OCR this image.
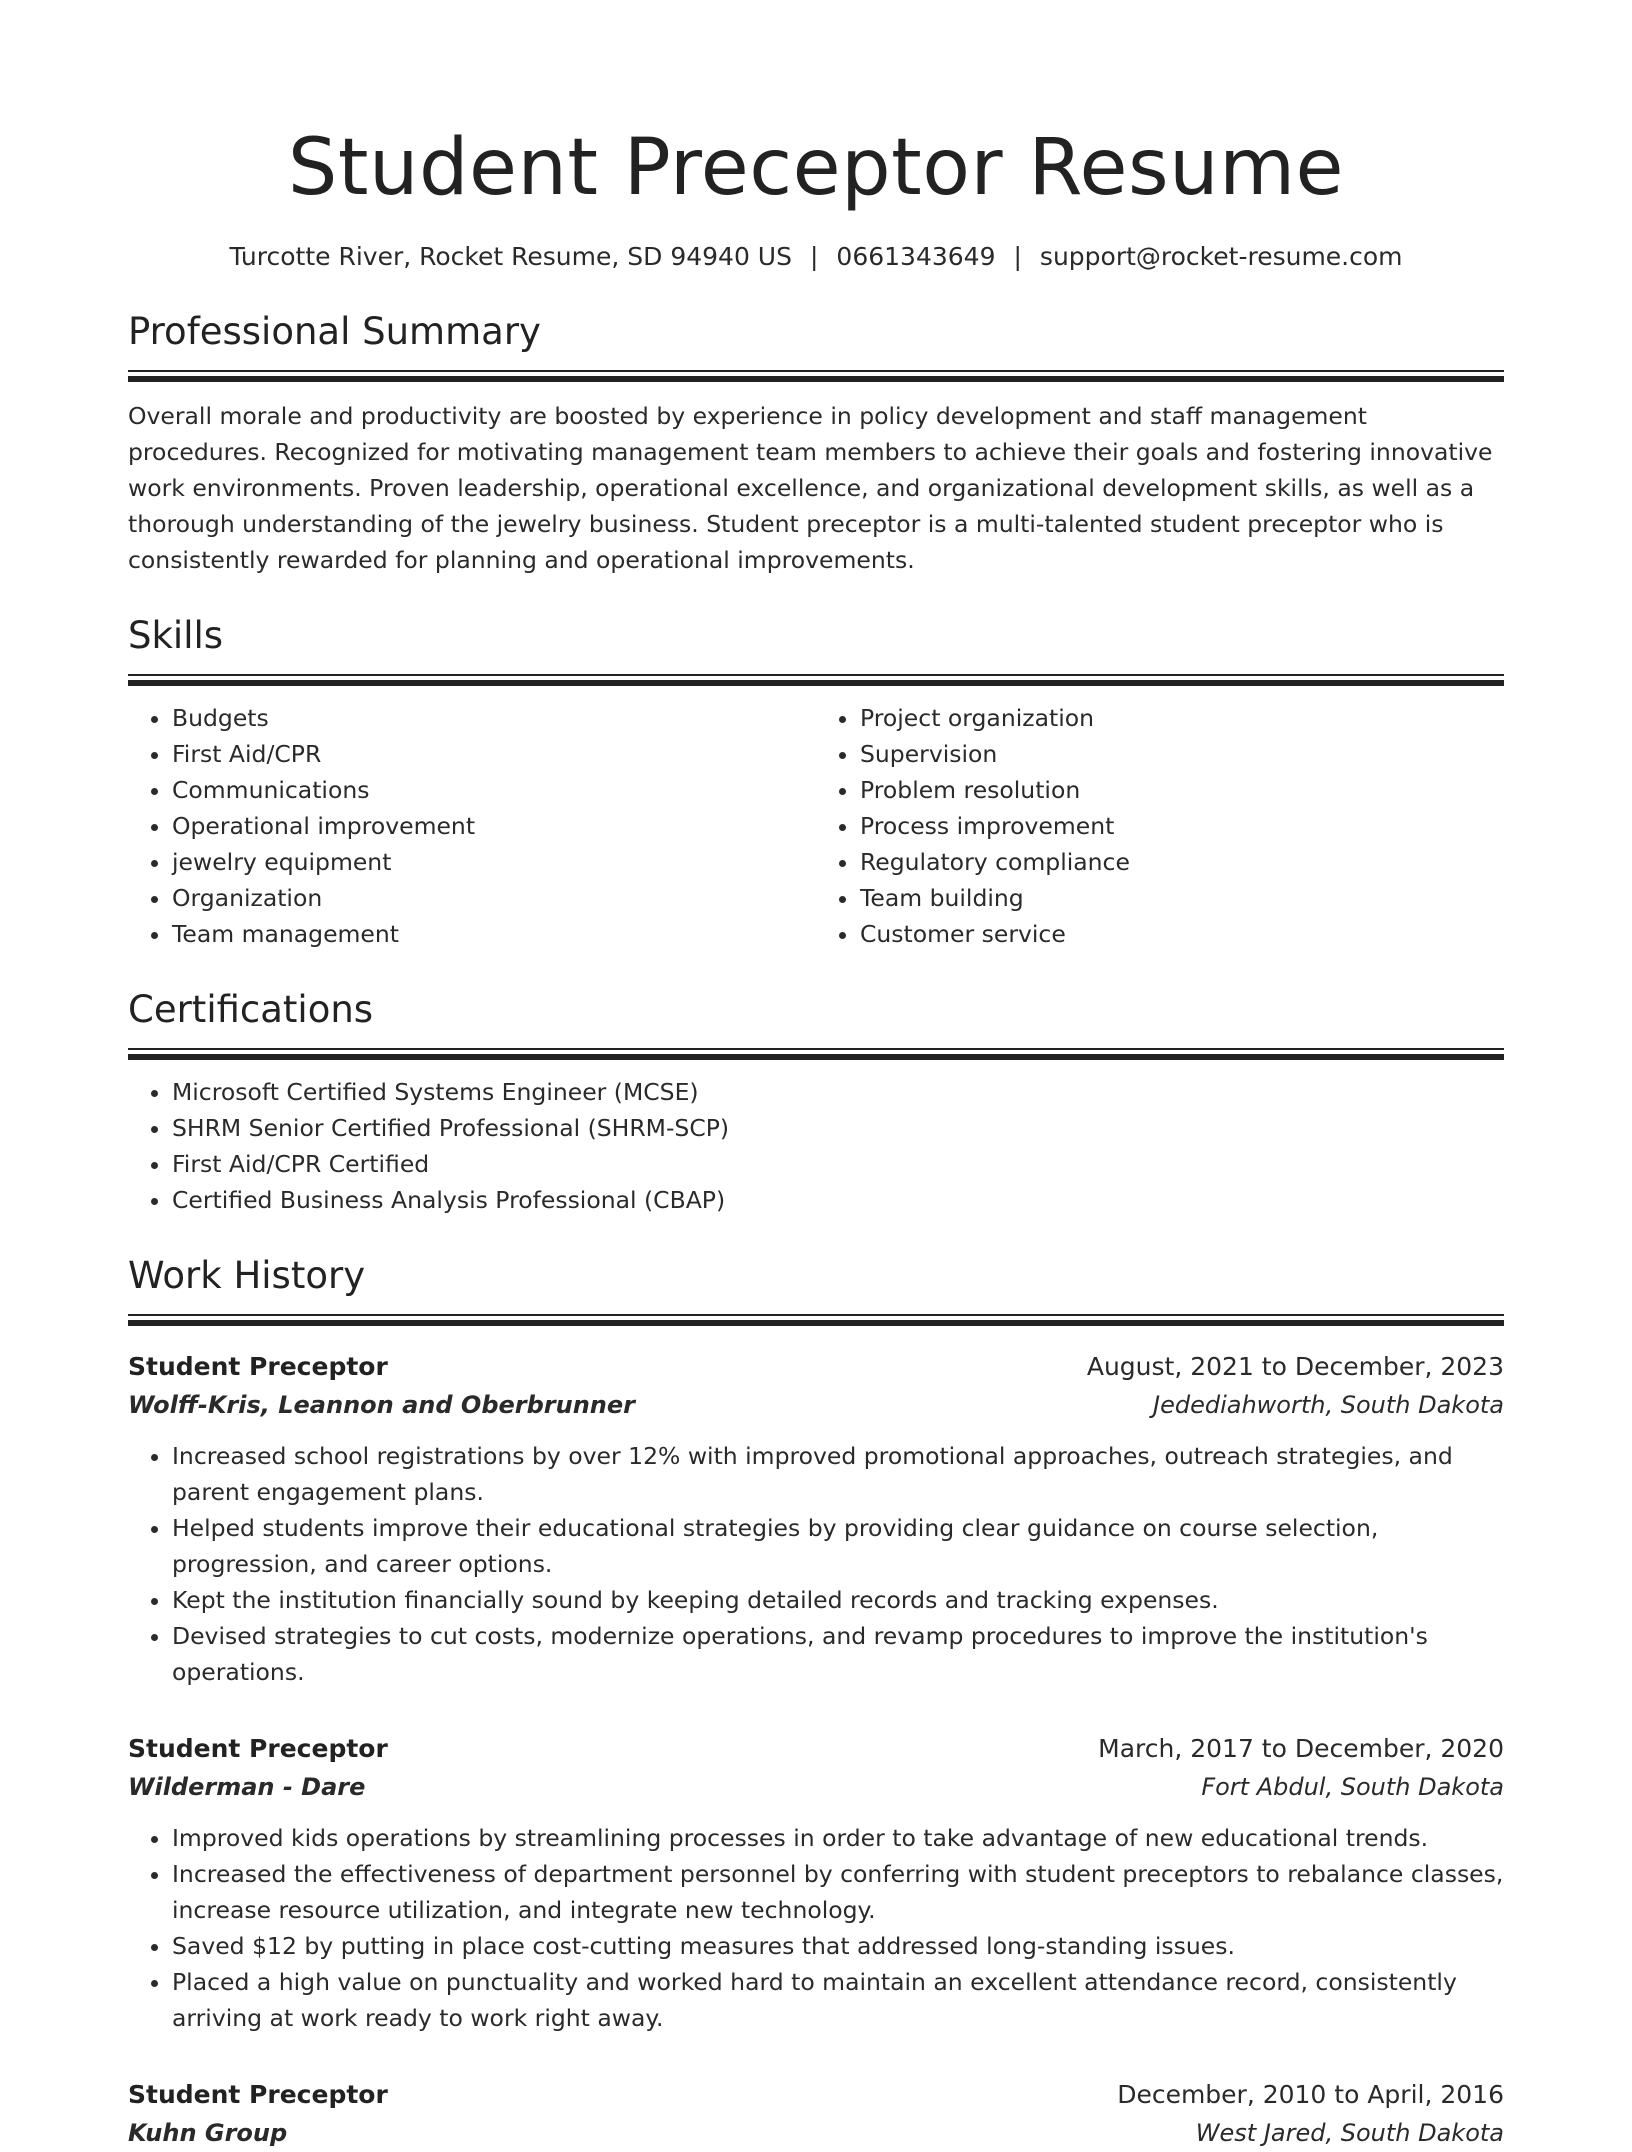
Student Preceptor Resume
Turcotte River, Rocket Resume, SD 94940 US | 0661343649 | support@rocket-resume.com
Professional Summary

Overall morale and productivity are boosted by experience in policy development and staff management procedures. Recognized for motivating management team members to achieve their goals and fostering innovative work environments. Proven leadership, operational excellence, and organizational development skills, as well as a thorough understanding of the jewelry business. Student preceptor is a multi-talented student preceptor who is consistently rewarded for planning and operational improvements.

Skills
• Budgets
• First Aid/CPR
• Communications
• Operational improvement
• jewelry equipment
• Organization
• Team management
• Project organization
• Supervision
• Problem resolution
• Process improvement
• Regulatory compliance
• Team building
• Customer service
Certifications
• Microsoft Certified Systems Engineer (MCSE)
• SHRM Senior Certified Professional (SHRM-SCP)
• First Aid/CPR Certified
• Certified Business Analysis Professional (CBAP)
Work History
Student Preceptor	August, 2021 to December, 2023
Wolff-Kris, Leannon and Oberbrunner	Jedediahworth, South Dakota
• Increased school registrations by over 12% with improved promotional approaches, outreach strategies, and parent engagement plans.
• Helped students improve their educational strategies by providing clear guidance on course selection, progression, and career options.
• Kept the institution financially sound by keeping detailed records and tracking expenses.
• Devised strategies to cut costs, modernize operations, and revamp procedures to improve the institution's operations.
Student Preceptor	March, 2017 to December, 2020
Wilderman - Dare	Fort Abdul, South Dakota
• Improved kids operations by streamlining processes in order to take advantage of new educational trends.
• Increased the effectiveness of department personnel by conferring with student preceptors to rebalance classes, increase resource utilization, and integrate new technology.
• Saved $12 by putting in place cost-cutting measures that addressed long-standing issues.
• Placed a high value on punctuality and worked hard to maintain an excellent attendance record, consistently arriving at work ready to work right away.
Student Preceptor	December, 2010 to April, 2016
Kuhn Group	West Jared, South Dakota
